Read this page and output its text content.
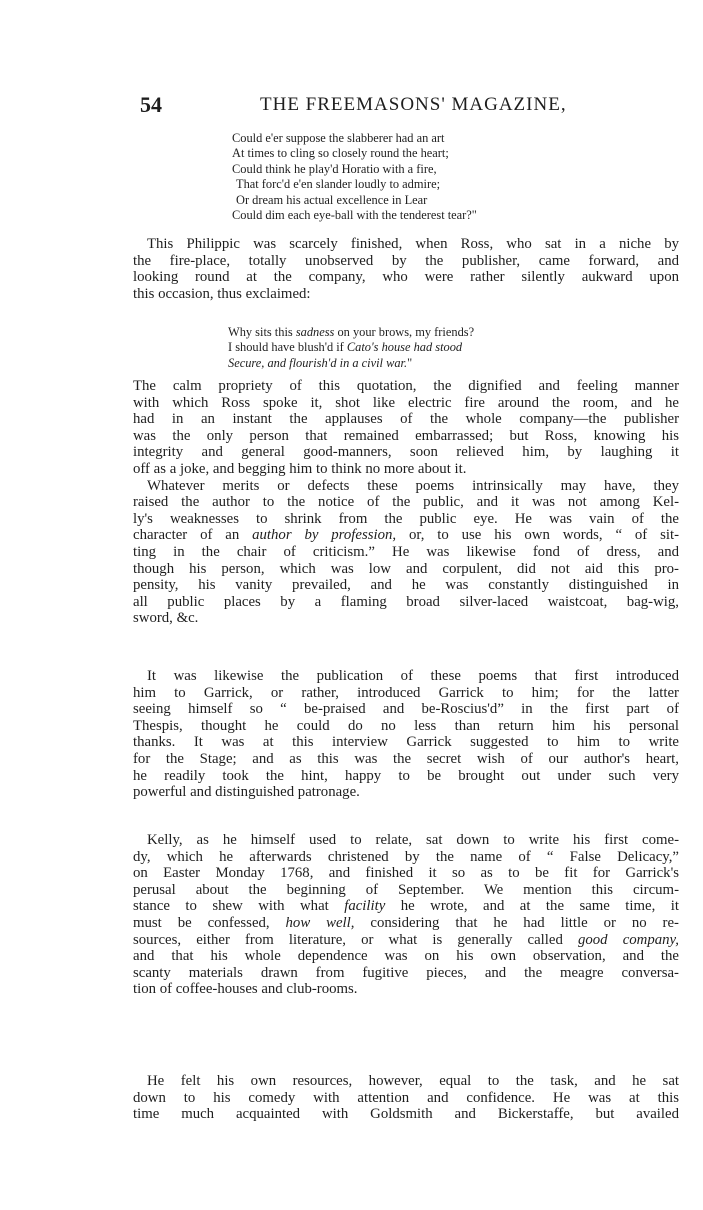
54	THE FREEMASONS' MAGAZINE,
Could e'er suppose the slabberer had an art
At times to cling so closely round the heart;
Could think he play'd Horatio with a fire,
That forc'd e'en slander loudly to admire;
Or dream his actual excellence in Lear
Could dim each eye-ball with the tenderest tear?"
This Philippic was scarcely finished, when Ross, who sat in a niche by
the fire-place, totally unobserved by the publisher, came forward, and
looking round at the company, who were rather silently aukward upon
this occasion, thus exclaimed:
Why sits this sadness on your brows, my friends?
I should have blush'd if Cato's house had stood
Secure, and flourish'd in a civil war."
The calm propriety of this quotation, the dignified and feeling manner
with which Ross spoke it, shot like electric fire around the room, and he
had in an instant the applauses of the whole company—the publisher
was the only person that remained embarrassed; but Ross, knowing his
integrity and general good-manners, soon relieved him, by laughing it
off as a joke, and begging him to think no more about it.
Whatever merits or defects these poems intrinsically may have, they
raised the author to the notice of the public, and it was not among Kel-
ly's weaknesses to shrink from the public eye. He was vain of the
character of an author by profession, or, to use his own words, “ of sit-
ting in the chair of criticism.” He was likewise fond of dress, and
though his person, which was low and corpulent, did not aid this pro-
pensity, his vanity prevailed, and he was constantly distinguished in
all public places by a flaming broad silver-laced waistcoat, bag-wig,
sword, &c.
It was likewise the publication of these poems that first introduced
him to Garrick, or rather, introduced Garrick to him; for the latter
seeing himself so “ be-praised and be-Roscius'd” in the first part of
Thespis, thought he could do no less than return him his personal
thanks. It was at this interview Garrick suggested to him to write
for the Stage; and as this was the secret wish of our author's heart,
he readily took the hint, happy to be brought out under such very
powerful and distinguished patronage.
Kelly, as he himself used to relate, sat down to write his first come-
dy, which he afterwards christened by the name of “ False Delicacy,”
on Easter Monday 1768, and finished it so as to be fit for Garrick's
perusal about the beginning of September. We mention this circum-
stance to shew with what facility he wrote, and at the same time, it
must be confessed, how well, considering that he had little or no re-
sources, either from literature, or what is generally called good company,
and that his whole dependence was on his own observation, and the
scanty materials drawn from fugitive pieces, and the meagre conversa-
tion of coffee-houses and club-rooms.
He felt his own resources, however, equal to the task, and he sat
down to his comedy with attention and confidence. He was at this
time much acquainted with Goldsmith and Bickerstaffe, but availed
